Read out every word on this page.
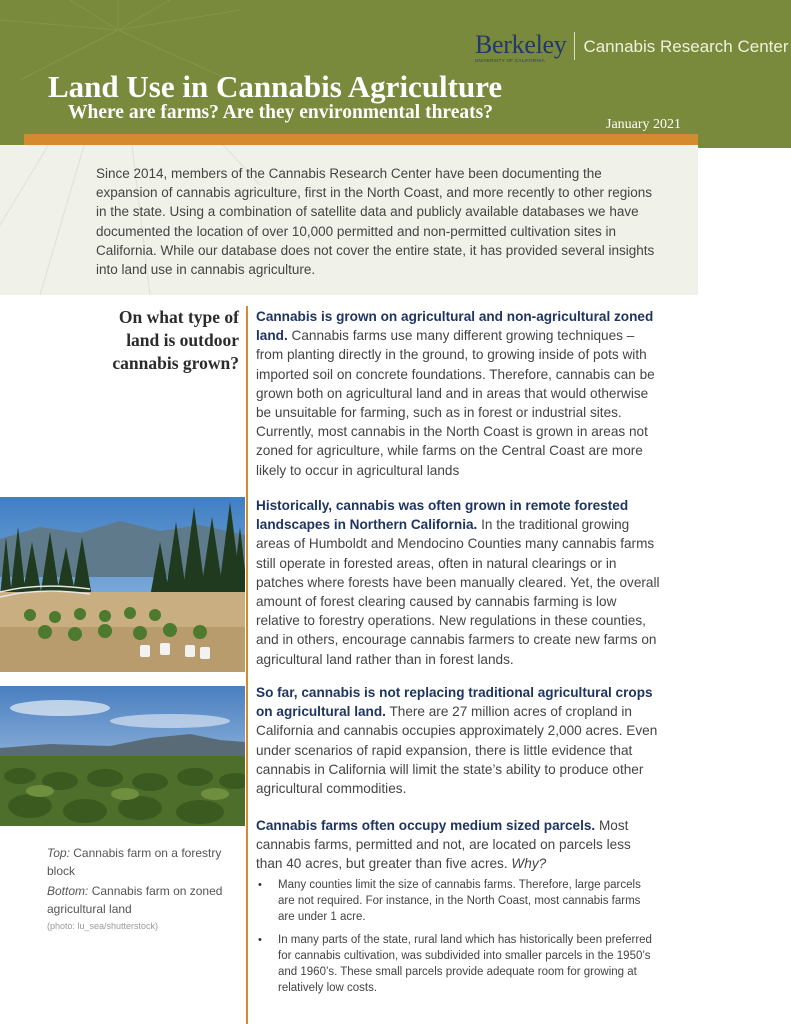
Berkeley
UNIVERSITY OF CALIFORNIA
Cannabis Research Center
Land Use in Cannabis Agriculture
Where are farms? Are they environmental threats?
January 2021

Since 2014, members of the Cannabis Research Center have been documenting the expansion of cannabis agriculture, first in the North Coast, and more recently to other regions in the state. Using a combination of satellite data and publicly available databases we have documented the location of over 10,000 permitted and non-permitted cultivation sites in California. While our database does not cover the entire state, it has provided several insights into land use in cannabis agriculture.

On what type of land is outdoor cannabis grown?

Cannabis is grown on agricultural and non-agricultural zoned land. Cannabis farms use many different growing techniques – from planting directly in the ground, to growing inside of pots with imported soil on concrete foundations. Therefore, cannabis can be grown both on agricultural land and in areas that would otherwise be unsuitable for farming, such as in forest or industrial sites. Currently, most cannabis in the North Coast is grown in areas not zoned for agriculture, while farms on the Central Coast are more likely to occur in agricultural lands

Historically, cannabis was often grown in remote forested landscapes in Northern California. In the traditional growing areas of Humboldt and Mendocino Counties many cannabis farms still operate in forested areas, often in natural clearings or in patches where forests have been manually cleared. Yet, the overall amount of forest clearing caused by cannabis farming is low relative to forestry operations. New regulations in these counties, and in others, encourage cannabis farmers to create new farms on agricultural land rather than in forest lands.

So far, cannabis is not replacing traditional agricultural crops on agricultural land. There are 27 million acres of cropland in California and cannabis occupies approximately 2,000 acres. Even under scenarios of rapid expansion, there is little evidence that cannabis in California will limit the state’s ability to produce other agricultural commodities.

Cannabis farms often occupy medium sized parcels. Most cannabis farms, permitted and not, are located on parcels less than 40 acres, but greater than five acres. Why?

• Many counties limit the size of cannabis farms. Therefore, large parcels are not required. For instance, in the North Coast, most cannabis farms are under 1 acre.
• In many parts of the state, rural land which has historically been preferred for cannabis cultivation, was subdivided into smaller parcels in the 1950’s and 1960’s. These small parcels provide adequate room for growing at relatively low costs.
Top: Cannabis farm on a forestry block
Bottom: Cannabis farm on zoned agricultural land
(photo: lu_sea/shutterstock)
